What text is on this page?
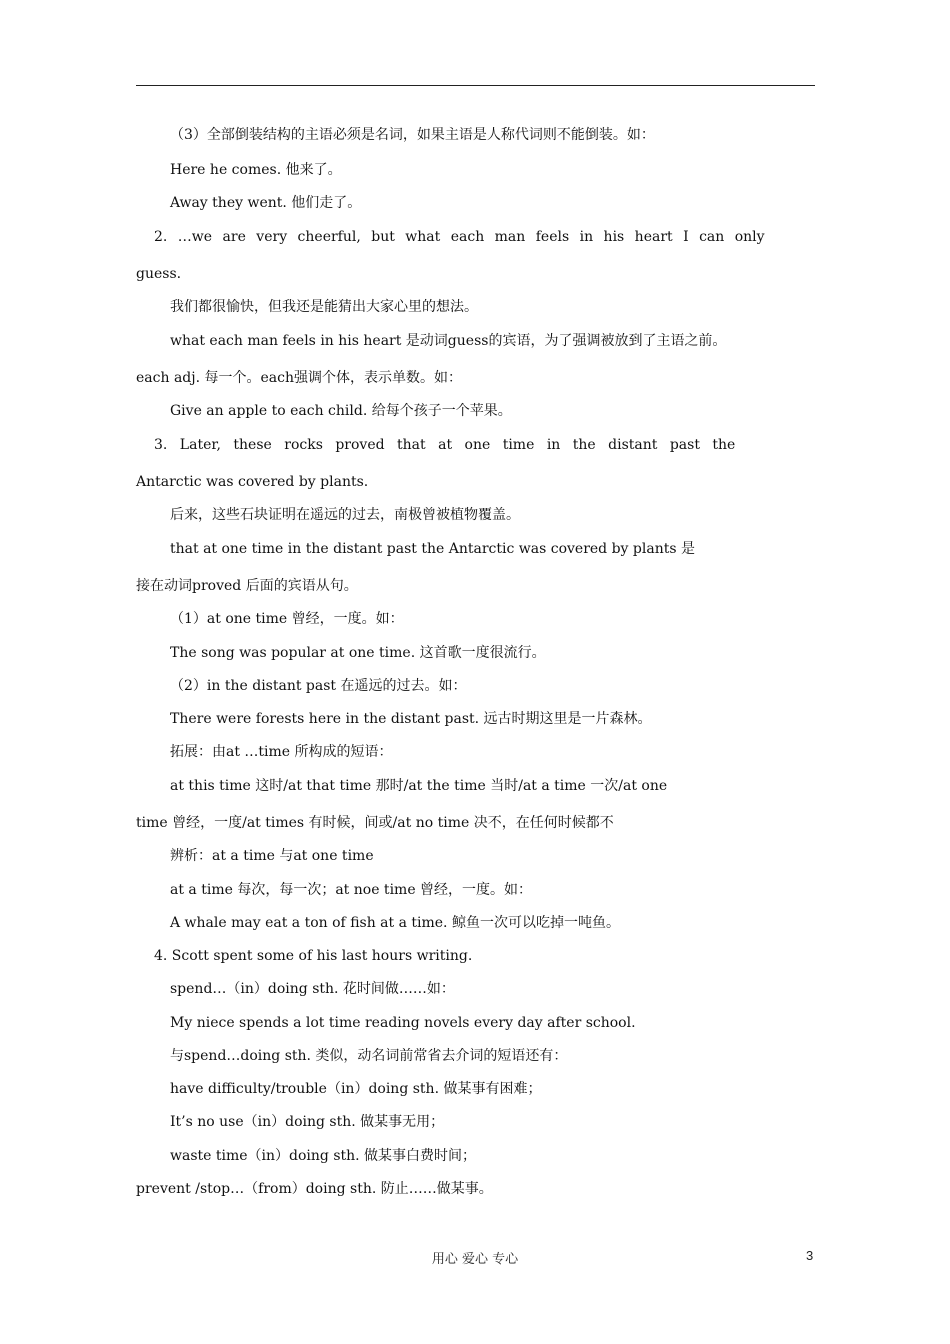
（3）全部倒装结构的主语必须是名词，如果主语是人称代词则不能倒装。如：
Here he comes. 他来了。
Away they went. 他们走了。
2. …we are very cheerful, but what each man feels in his heart I can only
guess.
我们都很愉快，但我还是能猜出大家心里的想法。
what each man feels in his heart 是动词guess的宾语，为了强调被放到了主语之前。
each adj. 每一个。each强调个体，表示单数。如：
Give an apple to each child. 给每个孩子一个苹果。
3. Later, these rocks proved that at one time in the distant past the
Antarctic was covered by plants.
后来，这些石块证明在遥远的过去，南极曾被植物覆盖。
that at one time in the distant past the Antarctic was covered by plants 是
接在动词proved 后面的宾语从句。
（1）at one time 曾经，一度。如：
The song was popular at one time. 这首歌一度很流行。
（2）in the distant past 在遥远的过去。如：
There were forests here in the distant past. 远古时期这里是一片森林。
拓展：由at …time 所构成的短语：
at this time 这时/at that time 那时/at the time 当时/at a time 一次/at one
time 曾经，一度/at times 有时候，间或/at no time 决不，在任何时候都不
辨析：at a time 与at one time
at a time 每次，每一次；at noe time 曾经，一度。如：
A whale may eat a ton of fish at a time. 鲸鱼一次可以吃掉一吨鱼。
4. Scott spent some of his last hours writing.
spend…（in）doing sth. 花时间做……如：
My niece spends a lot time reading novels every day after school.
与spend…doing sth. 类似，动名词前常省去介词的短语还有：
have difficulty/trouble（in）doing sth. 做某事有困难；
It’s no use（in）doing sth. 做某事无用；
waste time（in）doing sth. 做某事白费时间；
prevent /stop…（from）doing sth. 防止……做某事。
用心 爱心 专心	3
